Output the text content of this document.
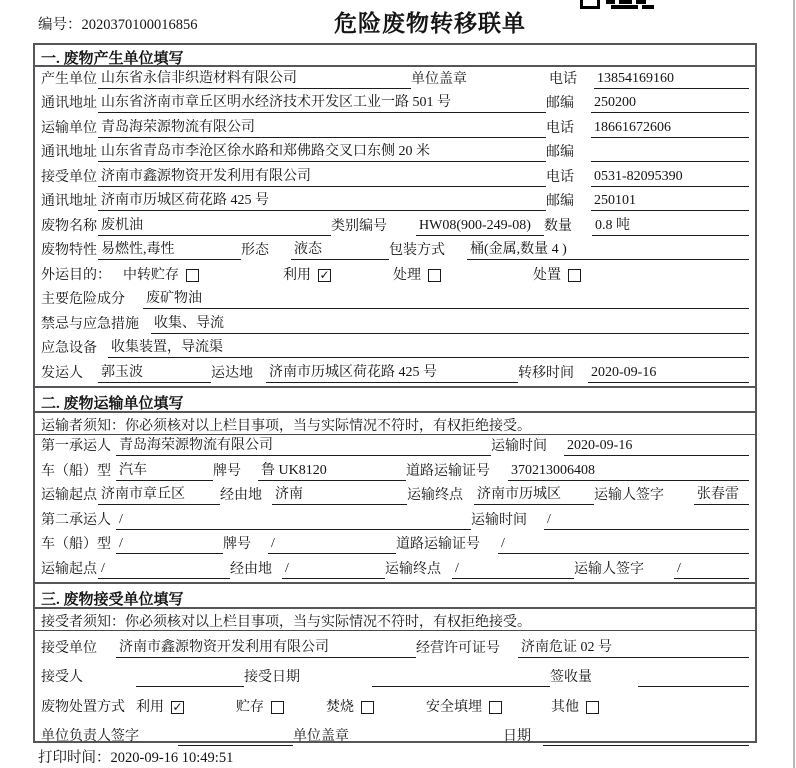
编号：2020370100016856	危险废物转移联单
一. 废物产生单位填写
产生单位 山东省永信非织造材料有限公司	单位盖章	电话	13854169160
通讯地址 山东省济南市章丘区明水经济技术开发区工业一路 501 号	邮编	250200
运输单位 青岛海荣源物流有限公司	电话	18661672606
通讯地址 山东省青岛市李沧区徐水路和郑佛路交叉口东侧 20 米	邮编
接受单位 济南市鑫源物资开发利用有限公司	电话	0531-82095390
通讯地址 济南市历城区荷花路 425 号	邮编	250101
废物名称 废机油	类别编号	HW08(900-249-08) 数量	0.8 吨
废物特性 易燃性,毒性	形态	液态	包装方式	桶(金属,数量 4 )
外运目的： 中转贮存	利用 ✓	处理	处置
主要危险成分	废矿物油
禁忌与应急措施	收集、导流
应急设备	收集装置，导流渠
发运人	郭玉波	运达地	济南市历城区荷花路 425 号	转移时间	2020-09-16
二. 废物运输单位填写
运输者须知：你必须核对以上栏目事项，当与实际情况不符时，有权拒绝接受。
第一承运人 青岛海荣源物流有限公司	运输时间	2020-09-16
车（船）型 汽车	牌号	鲁 UK8120	道路运输证号	370213006408
运输起点 济南市章丘区	经由地 济南	运输终点	济南市历城区	运输人签字	张春雷
第二承运人 /	运输时间	/
车（船）型 /	牌号	/	道路运输证号	/
运输起点 /	经由地 /	运输终点	/	运输人签字	/
三. 废物接受单位填写
接受者须知：你必须核对以上栏目事项，当与实际情况不符时，有权拒绝接受。
接受单位	济南市鑫源物资开发利用有限公司	经营许可证号	济南危证 02 号
接受人	接受日期	签收量
废物处置方式 利用 ✓	贮存	焚烧	安全填埋	其他
单位负责人签字	单位盖章	日期
打印时间：2020-09-16 10:49:51
